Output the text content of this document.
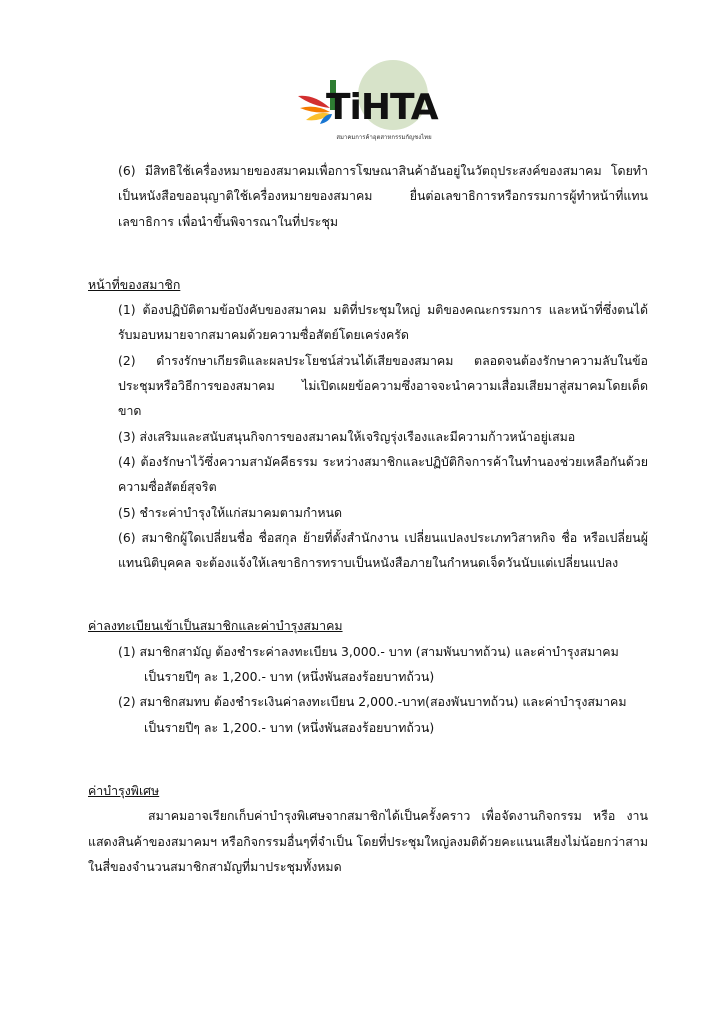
TiHTA
สมาคมการค้าอุตสาหกรรมกัญชงไทย

(6) มีสิทธิใช้เครื่องหมายของสมาคมเพื่อการโฆษณาสินค้าอันอยู่ในวัตถุประสงค์ของสมาคม โดยทำเป็นหนังสือขออนุญาติใช้เครื่องหมายของสมาคม ยื่นต่อเลขาธิการหรือกรรมการผู้ทำหน้าที่แทนเลขาธิการ เพื่อนำขึ้นพิจารณาในที่ประชุม

หน้าที่ของสมาชิก

(1) ต้องปฏิบัติตามข้อบังคับของสมาคม มติที่ประชุมใหญ่ มติของคณะกรรมการ และหน้าที่ซึ่งตนได้รับมอบหมายจากสมาคมด้วยความซื่อสัตย์โดยเคร่งครัด

(2) ดำรงรักษาเกียรติและผลประโยชน์ส่วนได้เสียของสมาคม ตลอดจนต้องรักษาความลับในข้อประชุมหรือวิธีการของสมาคม ไม่เปิดเผยข้อความซึ่งอาจจะนำความเสื่อมเสียมาสู่สมาคมโดยเด็ดขาด

(3) ส่งเสริมและสนับสนุนกิจการของสมาคมให้เจริญรุ่งเรืองและมีความก้าวหน้าอยู่เสมอ

(4) ต้องรักษาไว้ซึ่งความสามัคคีธรรม ระหว่างสมาชิกและปฏิบัติกิจการค้าในทำนองช่วยเหลือกันด้วยความซื่อสัตย์สุจริต

(5) ชำระค่าบำรุงให้แก่สมาคมตามกำหนด

(6) สมาชิกผู้ใดเปลี่ยนชื่อ ชื่อสกุล ย้ายที่ตั้งสำนักงาน เปลี่ยนแปลงประเภทวิสาหกิจ ชื่อ หรือเปลี่ยนผู้แทนนิติบุคคล จะต้องแจ้งให้เลขาธิการทราบเป็นหนังสือภายในกำหนดเจ็ดวันนับแต่เปลี่ยนแปลง

ค่าลงทะเบียนเข้าเป็นสมาชิกและค่าบำรุงสมาคม

(1) สมาชิกสามัญ ต้องชำระค่าลงทะเบียน 3,000.- บาท (สามพันบาทถ้วน) และค่าบำรุงสมาคม
เป็นรายปีๆ ละ 1,200.- บาท (หนึ่งพันสองร้อยบาทถ้วน)
(2) สมาชิกสมทบ ต้องชำระเงินค่าลงทะเบียน 2,000.-บาท(สองพันบาทถ้วน) และค่าบำรุงสมาคม
เป็นรายปีๆ ละ 1,200.- บาท (หนึ่งพันสองร้อยบาทถ้วน)

ค่าบำรุงพิเศษ

สมาคมอาจเรียกเก็บค่าบำรุงพิเศษจากสมาชิกได้เป็นครั้งคราว เพื่อจัดงานกิจกรรม หรือ งานแสดงสินค้าของสมาคมฯ หรือกิจกรรมอื่นๆที่จำเป็น โดยที่ประชุมใหญ่ลงมติด้วยคะแนนเสียงไม่น้อยกว่าสามในสี่ของจำนวนสมาชิกสามัญที่มาประชุมทั้งหมด
